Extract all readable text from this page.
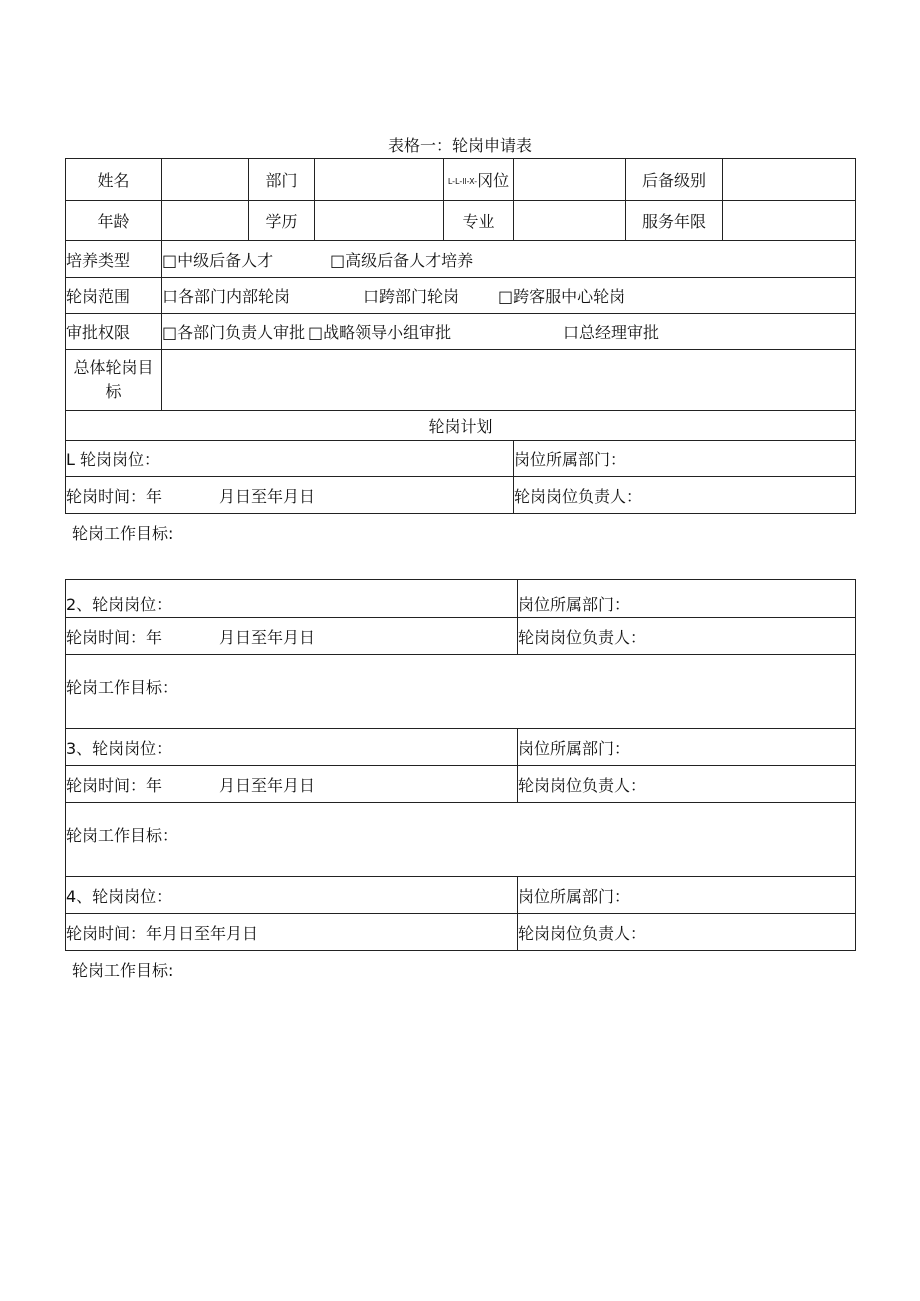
表格一：轮岗申请表
姓名		部门		L-L-ll-X-冈位		后备级别	
年龄		学历		专业		服务年限	
培养类型	□中级后备人才 □高级后备人才培养						
轮岗范围	口各部门内部轮岗 口跨部门轮岗 □跨客服中心轮岗						
审批权限	□各部门负责人审批 □战略领导小组审批 口总经理审批						
总体轮岗目标							
轮岗计划							
L 轮岗岗位：					岗位所属部门：		
轮岗时间：年 月日至年月日					轮岗岗位负责人：		
轮岗工作目标:
2、轮岗岗位：	岗位所属部门：
轮岗时间：年 月日至年月日	轮岗岗位负责人：
轮岗工作目标：	
3、轮岗岗位：	岗位所属部门：
轮岗时间：年 月日至年月日	轮岗岗位负责人：
轮岗工作目标：	
4、轮岗岗位：	岗位所属部门：
轮岗时间：年月日至年月日	轮岗岗位负责人：
轮岗工作目标:
